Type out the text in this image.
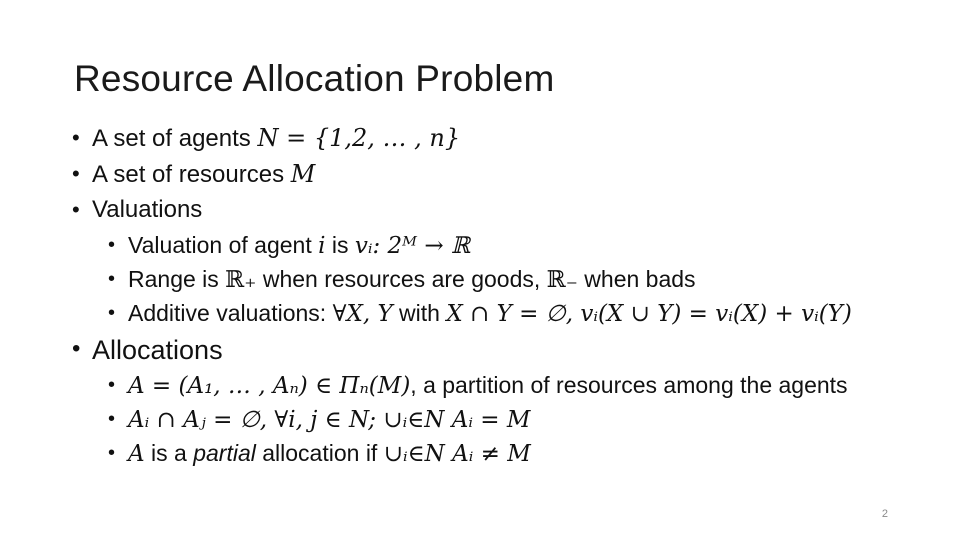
Resource Allocation Problem
• A set of agents N = {1,2, … , n}
• A set of resources M
• Valuations
• Valuation of agent i is vᵢ: 2ᴹ → ℝ
• Range is ℝ₊ when resources are goods, ℝ₋ when bads
• Additive valuations: ∀X, Y with X ∩ Y = ∅, vᵢ(X ∪ Y) = vᵢ(X) + vᵢ(Y)
• Allocations
• A = (A₁, … , Aₙ) ∈ Πₙ(M), a partition of resources among the agents
• Aᵢ ∩ Aⱼ = ∅, ∀i, j ∈ N; ∪ᵢ∈N Aᵢ = M
• A is a partial allocation if ∪ᵢ∈N Aᵢ ≠ M
2
